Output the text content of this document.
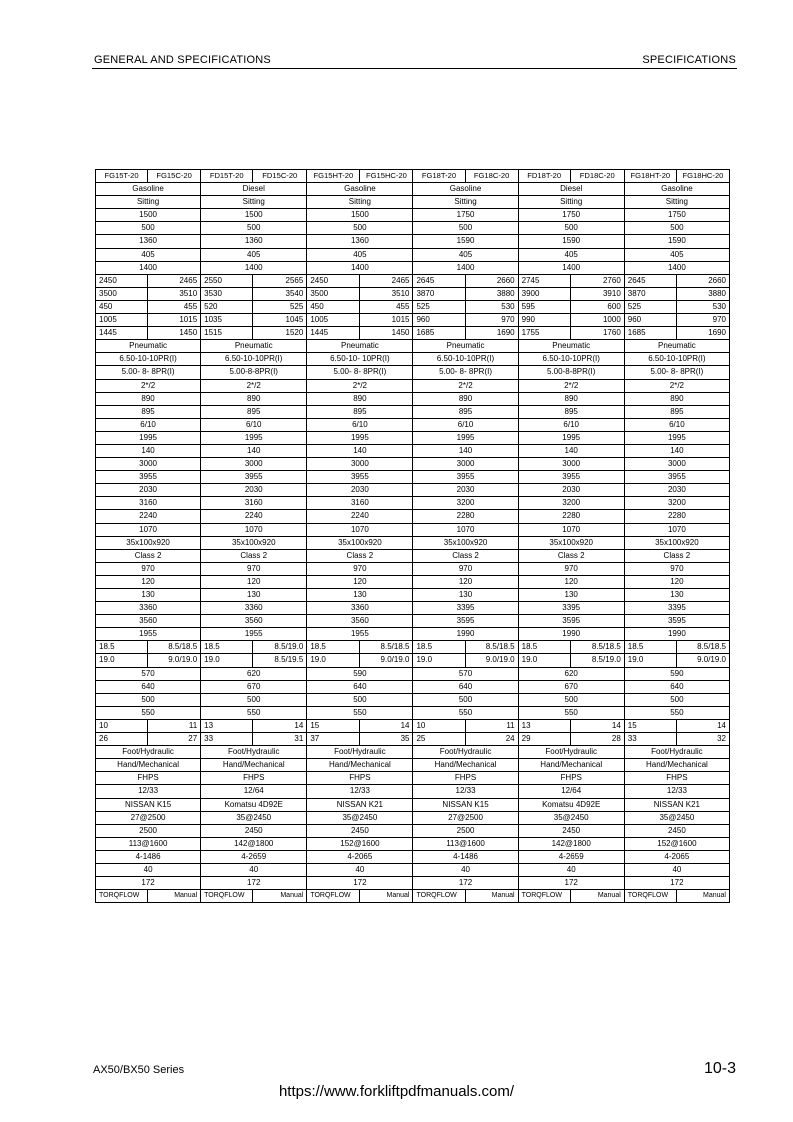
GENERAL AND SPECIFICATIONS	SPECIFICATIONS
FG15T-20	FG15C-20	FD15T-20	FD15C-20	FG15HT-20	FG15HC-20	FG18T-20	FG18C-20	FD18T-20	FD18C-20	FG18HT-20	FG18HC-20
Gasoline		Diesel		Gasoline		Gasoline		Diesel		Gasoline	
Sitting		Sitting		Sitting		Sitting		Sitting		Sitting	
1500		1500		1500		1750		1750		1750	
500		500		500		500		500		500	
1360		1360		1360		1590		1590		1590	
405		405		405		405		405		405	
1400		1400		1400		1400		1400		1400	
2450	2465	2550	2565	2450	2465	2645	2660	2745	2760	2645	2660
3500	3510	3530	3540	3500	3510	3870	3880	3900	3910	3870	3880
450	455	520	525	450	455	525	530	595	600	525	530
1005	1015	1035	1045	1005	1015	960	970	990	1000	960	970
1445	1450	1515	1520	1445	1450	1685	1690	1755	1760	1685	1690
Pneumatic		Pneumatic		Pneumatic		Pneumatic		Pneumatic		Pneumatic	
6.50-10-10PR(I)		6.50-10-10PR(I)		6.50-10- 10PR(I)		6.50-10-10PR(I)		6.50-10-10PR(I)		6.50-10-10PR(I)	
5.00- 8- 8PR(I)		5.00-8-8PR(I)		5.00- 8- 8PR(I)		5.00- 8- 8PR(I)		5.00-8-8PR(I)		5.00- 8- 8PR(I)	
2*/2		2*/2		2*/2		2*/2		2*/2		2*/2	
890		890		890		890		890		890	
895		895		895		895		895		895	
6/10		6/10		6/10		6/10		6/10		6/10	
1995		1995		1995		1995		1995		1995	
140		140		140		140		140		140	
3000		3000		3000		3000		3000		3000	
3955		3955		3955		3955		3955		3955	
2030		2030		2030		2030		2030		2030	
3160		3160		3160		3200		3200		3200	
2240		2240		2240		2280		2280		2280	
1070		1070		1070		1070		1070		1070	
35x100x920		35x100x920		35x100x920		35x100x920		35x100x920		35x100x920	
Class 2		Class 2		Class 2		Class 2		Class 2		Class 2	
970		970		970		970		970		970	
120		120		120		120		120		120	
130		130		130		130		130		130	
3360		3360		3360		3395		3395		3395	
3560		3560		3560		3595		3595		3595	
1955		1955		1955		1990		1990		1990	
18.5	8.5/18.5	18.5	8.5/19.0	18.5	8.5/18.5	18.5	8.5/18.5	18.5	8.5/18.5	18.5	8.5/18.5
19.0	9.0/19.0	19.0	8.5/19.5	19.0	9.0/19.0	19.0	9.0/19.0	19.0	8.5/19.0	19.0	9.0/19.0
570		620		590		570		620		590	
640		670		640		640		670		640	
500		500		500		500		500		500	
550		550		550		550		550		550	
10	11	13	14	15	14	10	11	13	14	15	14
26	27	33	31	37	35	25	24	29	28	33	32
Foot/Hydraulic		Foot/Hydraulic		Foot/Hydraulic		Foot/Hydraulic		Foot/Hydraulic		Foot/Hydraulic	
Hand/Mechanical		Hand/Mechanical		Hand/Mechanical		Hand/Mechanical		Hand/Mechanical		Hand/Mechanical	
FHPS		FHPS		FHPS		FHPS		FHPS		FHPS	
12/33		12/64		12/33		12/33		12/64		12/33	
NISSAN K15		Komatsu 4D92E		NISSAN K21		NISSAN K15		Komatsu 4D92E		NISSAN K21	
27@2500		35@2450		35@2450		27@2500		35@2450		35@2450	
2500		2450		2450		2500		2450		2450	
113@1600		142@1800		152@1600		113@1600		142@1800		152@1600	
4-1486		4-2659		4-2065		4-1486		4-2659		4-2065	
40		40		40		40		40		40	
172		172		172		172		172		172	
TORQFLOW	Manual	TORQFLOW	Manual	TORQFLOW	Manual	TORQFLOW	Manual	TORQFLOW	Manual	TORQFLOW	Manual
AX50/BX50 Series	10-3
https://www.forkliftpdfmanuals.com/
